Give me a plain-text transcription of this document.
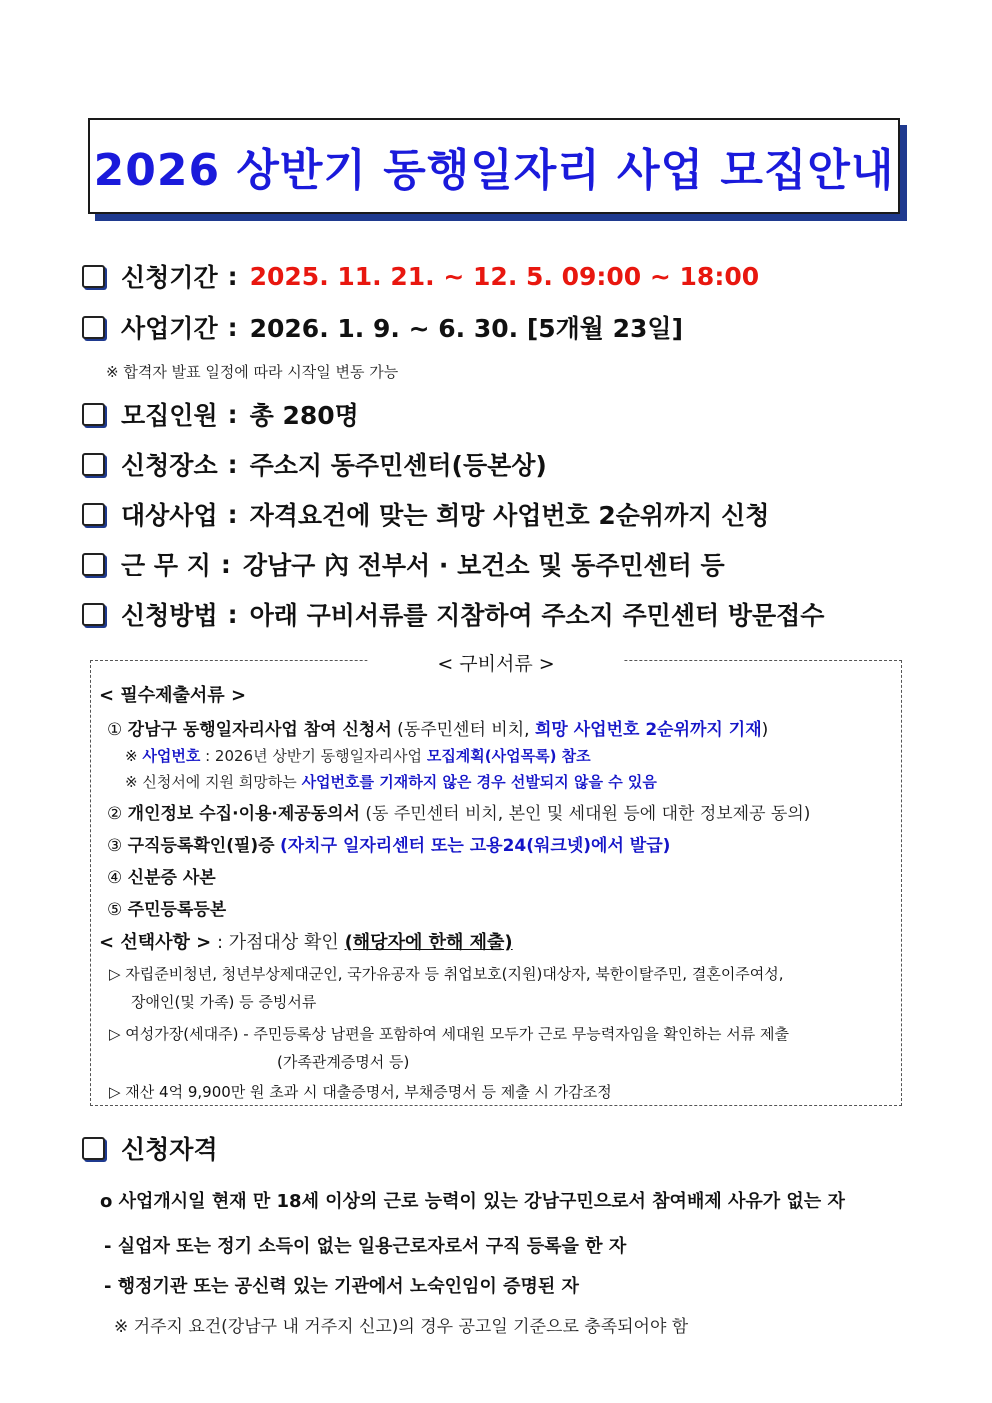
2026 상반기 동행일자리 사업 모집안내
신청기간 : 2025. 11. 21. ~ 12. 5. 09:00 ~ 18:00
사업기간 : 2026. 1. 9. ~ 6. 30. [5개월 23일]
※ 합격자 발표 일정에 따라 시작일 변동 가능
모집인원 : 총 280명
신청장소 : 주소지 동주민센터(등본상)
대상사업 : 자격요건에 맞는 희망 사업번호 2순위까지 신청
근 무 지 : 강남구 內 전부서 · 보건소 및 동주민센터 등
신청방법 : 아래 구비서류를 지참하여 주소지 주민센터 방문접수
< 구비서류 >
< 필수제출서류 >
① 강남구 동행일자리사업 참여 신청서 (동주민센터 비치, 희망 사업번호 2순위까지 기재)
※ 사업번호 : 2026년 상반기 동행일자리사업 모집계획(사업목록) 참조
※ 신청서에 지원 희망하는 사업번호를 기재하지 않은 경우 선발되지 않을 수 있음
② 개인정보 수집·이용·제공동의서 (동 주민센터 비치, 본인 및 세대원 등에 대한 정보제공 동의)
③ 구직등록확인(필)증 (자치구 일자리센터 또는 고용24(워크넷)에서 발급)
④ 신분증 사본
⑤ 주민등록등본
< 선택사항 > : 가점대상 확인 (해당자에 한해 제출)
▷ 자립준비청년, 청년부상제대군인, 국가유공자 등 취업보호(지원)대상자, 북한이탈주민, 결혼이주여성,
장애인(및 가족) 등 증빙서류
▷ 여성가장(세대주) - 주민등록상 남편을 포함하여 세대원 모두가 근로 무능력자임을 확인하는 서류 제출
(가족관계증명서 등)
▷ 재산 4억 9,900만 원 초과 시 대출증명서, 부채증명서 등 제출 시 가감조정
신청자격
o 사업개시일 현재 만 18세 이상의 근로 능력이 있는 강남구민으로서 참여배제 사유가 없는 자
- 실업자 또는 정기 소득이 없는 일용근로자로서 구직 등록을 한 자
- 행정기관 또는 공신력 있는 기관에서 노숙인임이 증명된 자
※ 거주지 요건(강남구 내 거주지 신고)의 경우 공고일 기준으로 충족되어야 함
